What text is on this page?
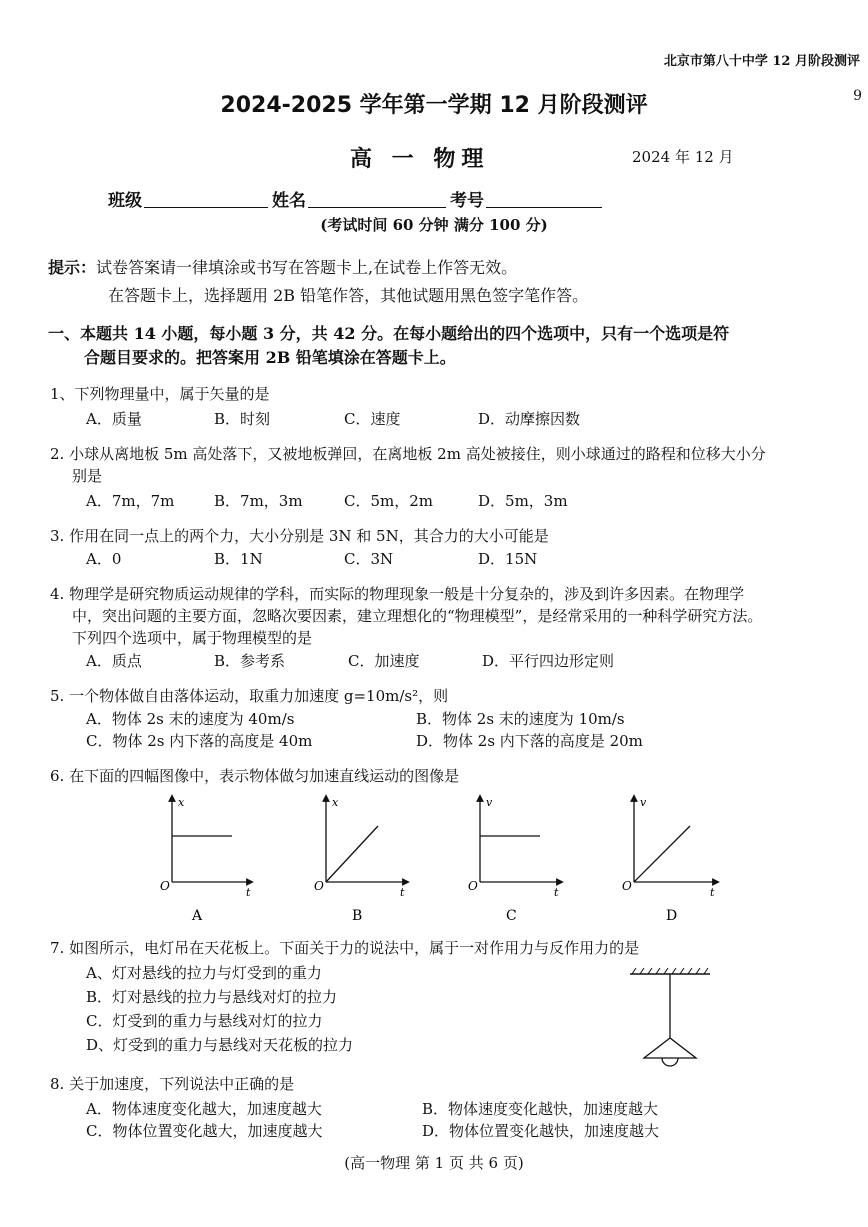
北京市第八十中学 12 月阶段测评
9
2024-2025 学年第一学期 12 月阶段测评
高 一 物理	2024 年 12 月
班级	姓名	考号
(考试时间 60 分钟 满分 100 分)
提示：试卷答案请一律填涂或书写在答题卡上,在试卷上作答无效。
在答题卡上，选择题用 2B 铅笔作答，其他试题用黑色签字笔作答。
一、本题共 14 小题，每小题 3 分，共 42 分。在每小题给出的四个选项中，只有一个选项是符
合题目要求的。把答案用 2B 铅笔填涂在答题卡上。
1、下列物理量中，属于矢量的是
A．质量	B．时刻	C．速度	D．动摩擦因数
2. 小球从离地板 5m 高处落下，又被地板弹回，在离地板 2m 高处被接住，则小球通过的路程和位移大小分
别是
A．7m，7m	B．7m，3m	C．5m，2m	D．5m，3m
3. 作用在同一点上的两个力，大小分别是 3N 和 5N，其合力的大小可能是
A．0	B．1N	C．3N	D．15N
4. 物理学是研究物质运动规律的学科，而实际的物理现象一般是十分复杂的，涉及到许多因素。在物理学
中，突出问题的主要方面，忽略次要因素，建立理想化的“物理模型”，是经常采用的一种科学研究方法。
下列四个选项中，属于物理模型的是
A．质点	B．参考系	C．加速度	D．平行四边形定则
5. 一个物体做自由落体运动，取重力加速度 g=10m/s²，则
A．物体 2s 末的速度为 40m/s	B．物体 2s 末的速度为 10m/s
C．物体 2s 内下落的高度是 40m	D．物体 2s 内下落的高度是 20m
6. 在下面的四幅图像中，表示物体做匀加速直线运动的图像是
x
t
O
A
x
t
O
B
v
t
O
C
v
t
O
D
7. 如图所示，电灯吊在天花板上。下面关于力的说法中，属于一对作用力与反作用力的是
A、灯对悬线的拉力与灯受到的重力
B．灯对悬线的拉力与悬线对灯的拉力
C．灯受到的重力与悬线对灯的拉力
D、灯受到的重力与悬线对天花板的拉力
8. 关于加速度，下列说法中正确的是
A．物体速度变化越大，加速度越大	B．物体速度变化越快，加速度越大
C．物体位置变化越大，加速度越大	D．物体位置变化越快，加速度越大
(高一物理 第 1 页 共 6 页)
